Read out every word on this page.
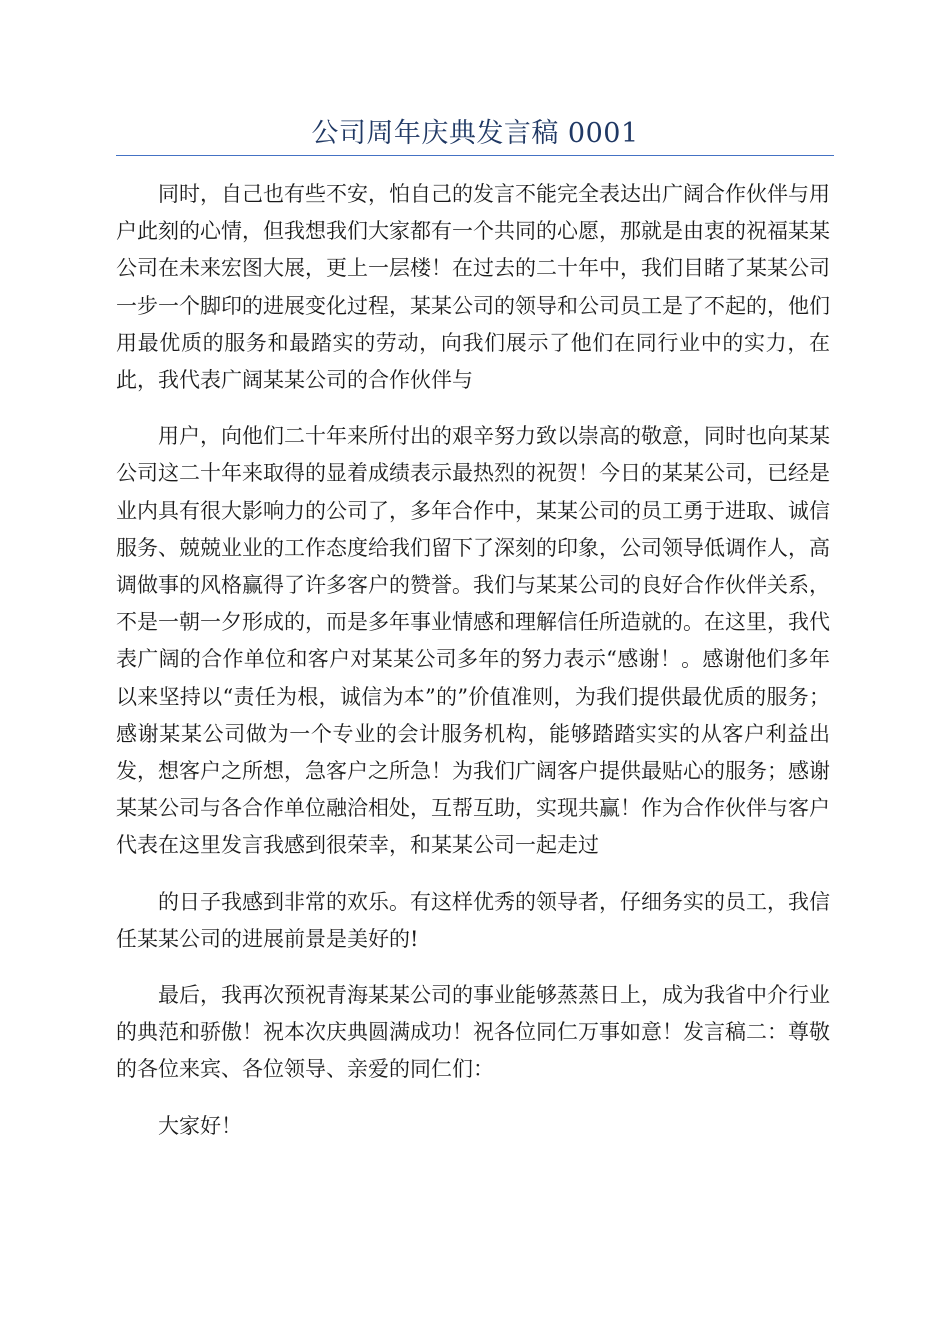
公司周年庆典发言稿 0001

同时，自己也有些不安，怕自己的发言不能完全表达出广阔合作伙伴与用户此刻的心情，但我想我们大家都有一个共同的心愿，那就是由衷的祝福某某公司在未来宏图大展，更上一层楼！在过去的二十年中，我们目睹了某某公司一步一个脚印的进展变化过程，某某公司的领导和公司员工是了不起的，他们用最优质的服务和最踏实的劳动，向我们展示了他们在同行业中的实力，在此，我代表广阔某某公司的合作伙伴与

用户，向他们二十年来所付出的艰辛努力致以崇高的敬意，同时也向某某公司这二十年来取得的显着成绩表示最热烈的祝贺！今日的某某公司，已经是业内具有很大影响力的公司了，多年合作中，某某公司的员工勇于进取、诚信服务、兢兢业业的工作态度给我们留下了深刻的印象，公司领导低调作人，高调做事的风格赢得了许多客户的赞誉。我们与某某公司的良好合作伙伴关系，不是一朝一夕形成的，而是多年事业情感和理解信任所造就的。在这里，我代表广阔的合作单位和客户对某某公司多年的努力表示“感谢！。感谢他们多年以来坚持以“责任为根，诚信为本”的”价值准则，为我们提供最优质的服务；感谢某某公司做为一个专业的会计服务机构，能够踏踏实实的从客户利益出发，想客户之所想，急客户之所急！为我们广阔客户提供最贴心的服务；感谢某某公司与各合作单位融洽相处，互帮互助，实现共赢！作为合作伙伴与客户代表在这里发言我感到很荣幸，和某某公司一起走过

的日子我感到非常的欢乐。有这样优秀的领导者，仔细务实的员工，我信任某某公司的进展前景是美好的!

最后，我再次预祝青海某某公司的事业能够蒸蒸日上，成为我省中介行业的典范和骄傲！祝本次庆典圆满成功！祝各位同仁万事如意！发言稿二：尊敬的各位来宾、各位领导、亲爱的同仁们：

大家好！
